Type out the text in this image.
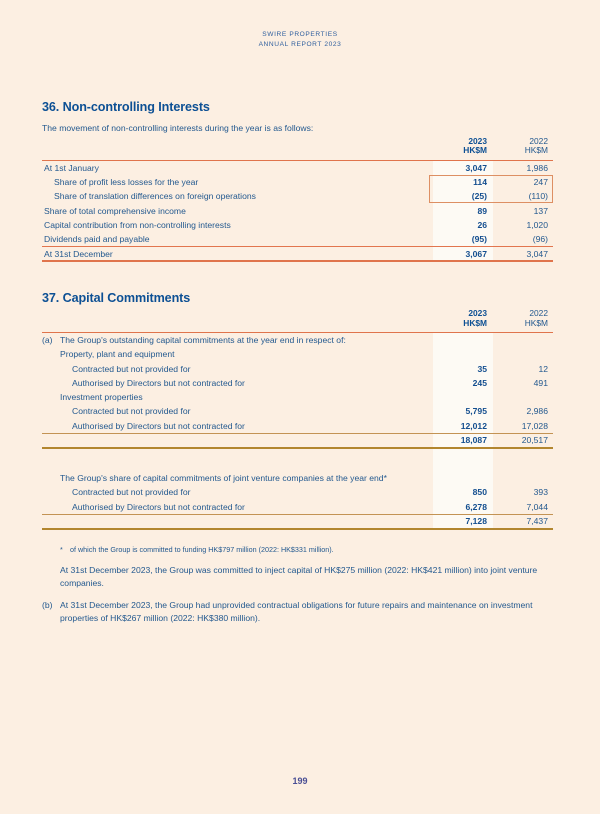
SWIRE PROPERTIES
ANNUAL REPORT 2023
36. Non-controlling Interests
The movement of non-controlling interests during the year is as follows:
2023
HK$M
2022
HK$M
At 1st January	3,047	1,986
Share of profit less losses for the year	114	247
Share of translation differences on foreign operations	(25)	(110)
Share of total comprehensive income	89	137
Capital contribution from non-controlling interests	26	1,020
Dividends paid and payable	(95)	(96)
At 31st December	3,067	3,047
37. Capital Commitments
2023
HK$M
2022
HK$M
(a) The Group's outstanding capital commitments at the year end in respect of:
Property, plant and equipment
Contracted but not provided for	35	12
Authorised by Directors but not contracted for	245	491
Investment properties
Contracted but not provided for	5,795	2,986
Authorised by Directors but not contracted for	12,012	17,028
18,087	20,517
The Group's share of capital commitments of joint venture companies at the year end*
Contracted but not provided for	850	393
Authorised by Directors but not contracted for	6,278	7,044
7,128	7,437
* of which the Group is committed to funding HK$797 million (2022: HK$331 million).

At 31st December 2023, the Group was committed to inject capital of HK$275 million (2022: HK$421 million) into joint venture companies.

(b) At 31st December 2023, the Group had unprovided contractual obligations for future repairs and maintenance on investment properties of HK$267 million (2022: HK$380 million).
199
